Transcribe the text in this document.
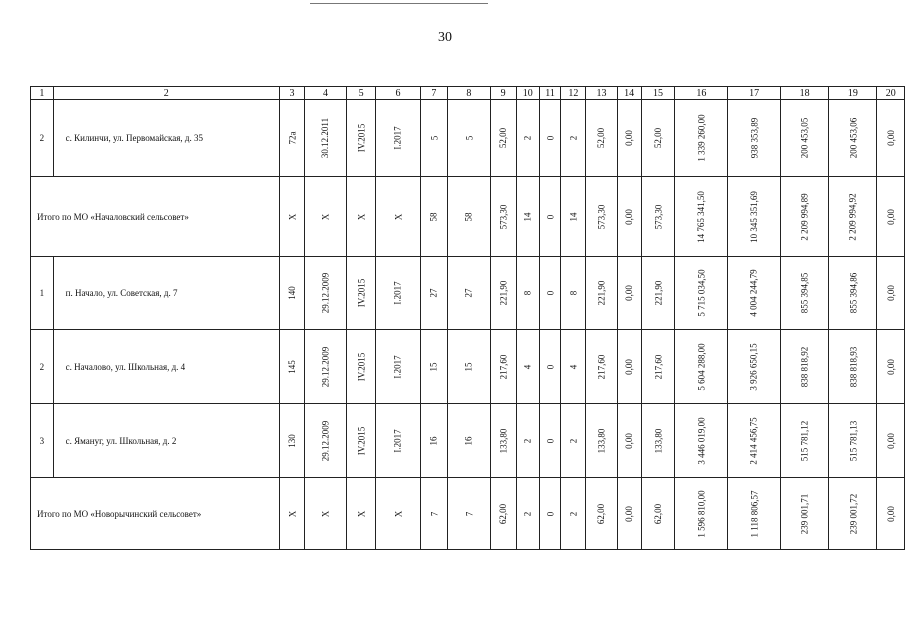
30
1	2	3	4	5	6	7	8	9	10	11	12	13	14	15	16	17	18	19	20
2	с. Килинчи, ул. Первомайская, д. 35	72а	30.12.2011	IV.2015	I.2017	5	5	52,00	2	0	2	52,00	0,00	52,00	1 339 260,00	938 353,89	200 453,05	200 453,06	0,00

Итого по МО «Началовский сельсовет»		X	X	X	X	58	58	573,30	14	0	14	573,30	0,00	573,30	14 765 341,50	10 345 351,69	2 209 994,89	2 209 994,92	0,00
1	п. Начало, ул. Советская, д. 7	140	29.12.2009	IV.2015	I.2017	27	27	221,90	8	0	8	221,90	0,00	221,90	5 715 034,50	4 004 244,79	855 394,85	855 394,86	0,00
2	с. Началово, ул. Школьная, д. 4	145	29.12.2009	IV.2015	I.2017	15	15	217,60	4	0	4	217,60	0,00	217,60	5 604 288,00	3 926 650,15	838 818,92	838 818,93	0,00
3	с. Ямануг, ул. Школьная, д. 2	130	29.12.2009	IV.2015	I.2017	16	16	133,80	2	0	2	133,80	0,00	133,80	3 446 019,00	2 414 456,75	515 781,12	515 781,13	0,00

Итого по МО «Новорычинский сельсовет»		X	X	X	X	7	7	62,00	2	0	2	62,00	0,00	62,00	1 596 810,00	1 118 806,57	239 001,71	239 001,72	0,00
